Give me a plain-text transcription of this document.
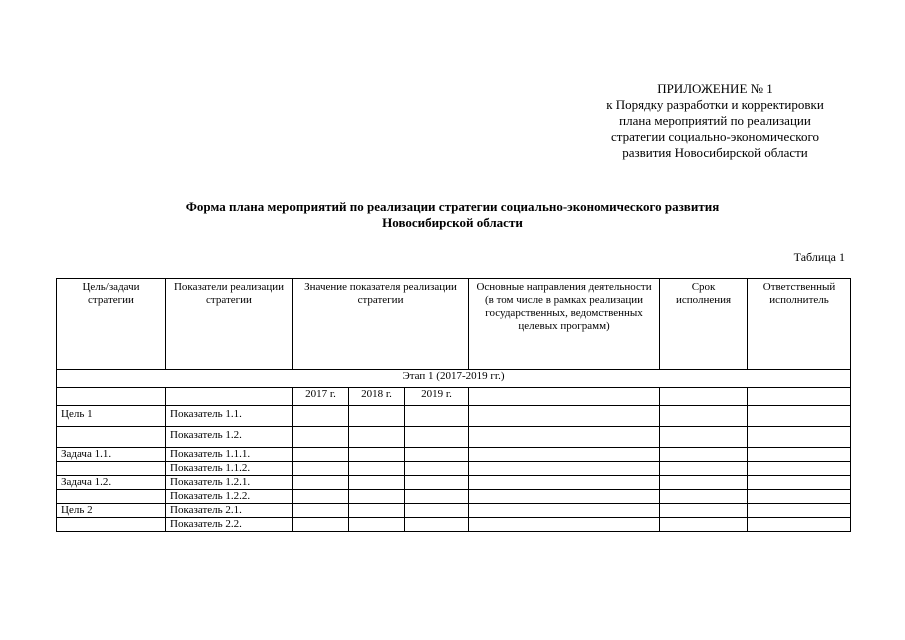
ПРИЛОЖЕНИЕ № 1
к Порядку разработки и корректировки
плана мероприятий по реализации
стратегии социально-экономического
развития Новосибирской области
Форма плана мероприятий по реализации стратегии социально-экономического развития
Новосибирской области
Таблица 1
Цель/задачи стратегии	Показатели реализации стратегии	Значение показателя реализации стратегии			Основные направления деятельности (в том числе в рамках реализации государственных, ведомственных целевых программ)	Срок исполнения	Ответственный исполнитель
Этап 1 (2017-2019 гг.)							
		2017 г.	2018 г.	2019 г.			
Цель 1	Показатель 1.1.						
	Показатель 1.2.						
Задача 1.1.	Показатель 1.1.1.						
	Показатель 1.1.2.						
Задача 1.2.	Показатель 1.2.1.						
	Показатель 1.2.2.						
Цель 2	Показатель 2.1.						
	Показатель 2.2.						
